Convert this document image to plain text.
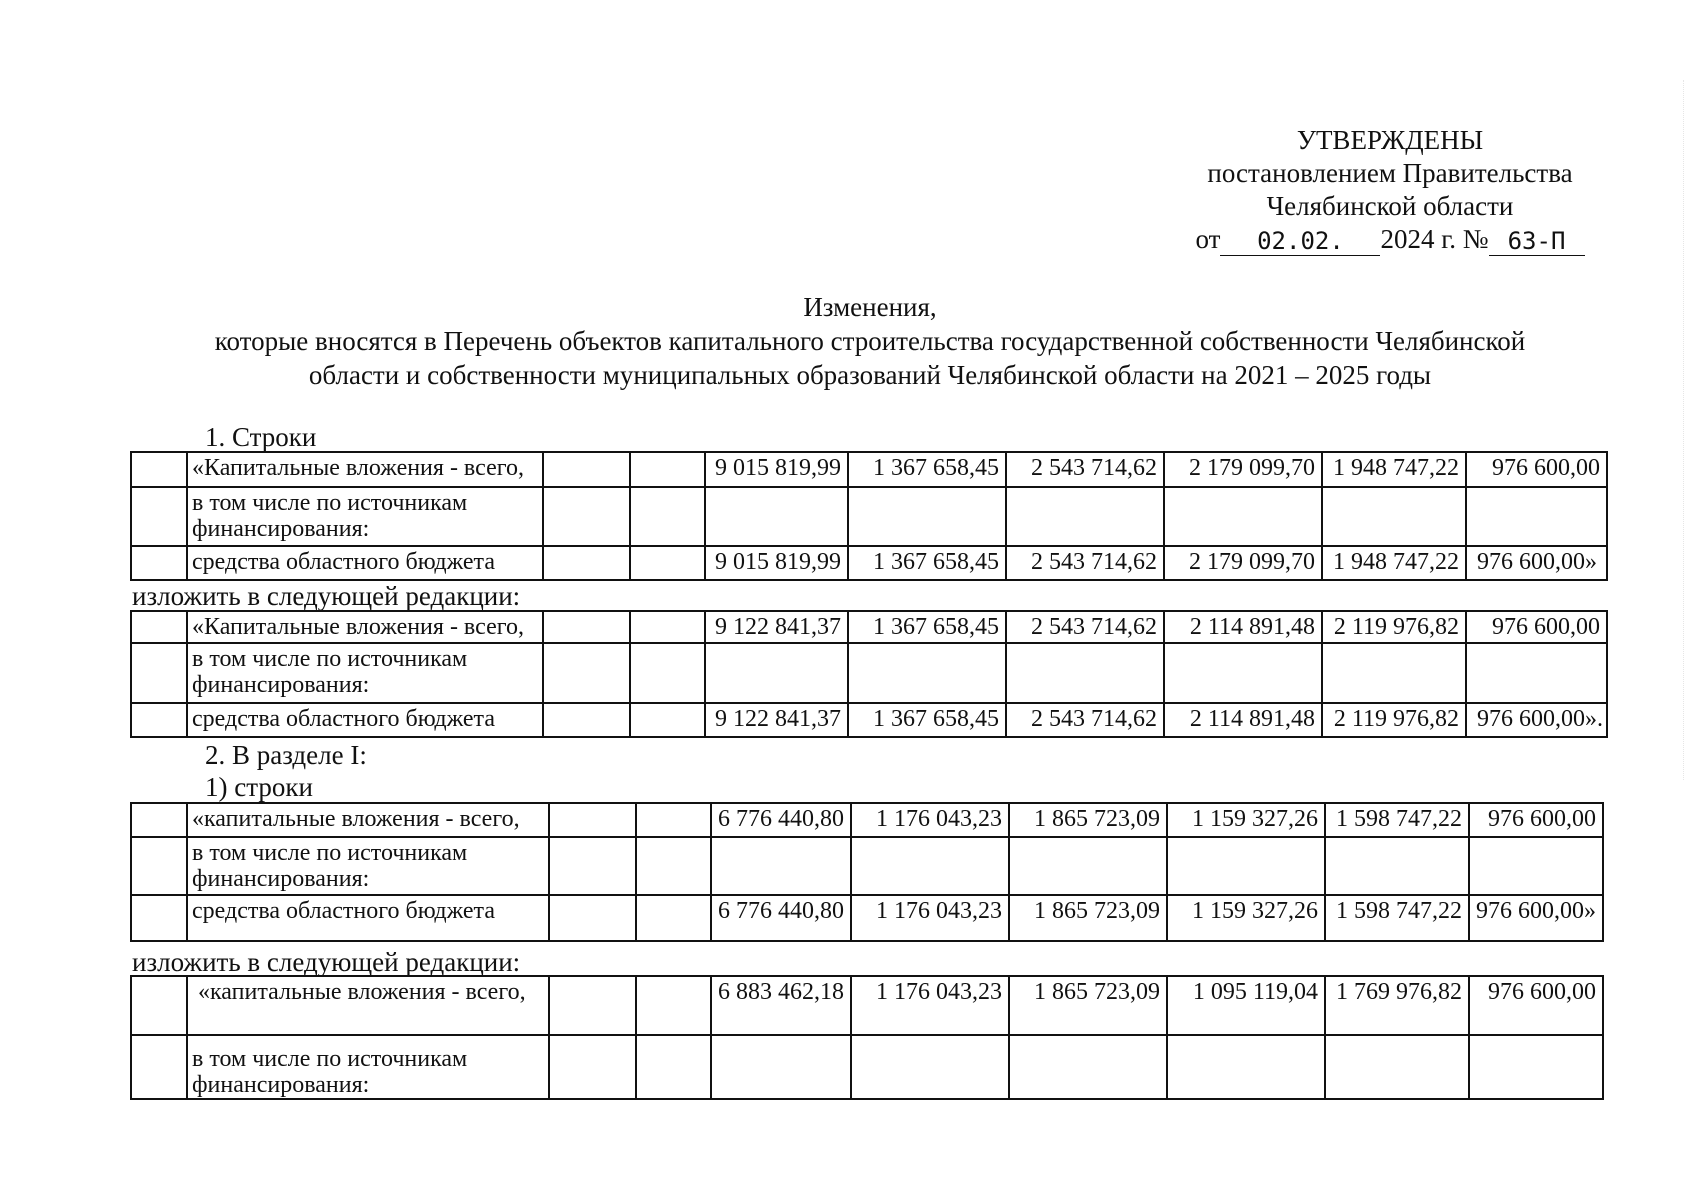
УТВЕРЖДЕНЫ
постановлением Правительства
Челябинской области
от	02.02.	2024 г. № 63-П
Изменения,
которые вносятся в Перечень объектов капитального строительства государственной собственности Челябинской
области и собственности муниципальных образований Челябинской области на 2021 – 2025 годы
1. Строки
	«Капитальные вложения - всего,			9 015 819,99	1 367 658,45	2 543 714,62	2 179 099,70	1 948 747,22	976 600,00
	в том числе по источникам финансирования:								
	средства областного бюджета			9 015 819,99	1 367 658,45	2 543 714,62	2 179 099,70	1 948 747,22	976 600,00»
изложить в следующей редакции:
	«Капитальные вложения - всего,			9 122 841,37	1 367 658,45	2 543 714,62	2 114 891,48	2 119 976,82	976 600,00
	в том числе по источникам финансирования:								
	средства областного бюджета			9 122 841,37	1 367 658,45	2 543 714,62	2 114 891,48	2 119 976,82	976 600,00».
2. В разделе I:
1) строки
	«капитальные вложения - всего,			6 776 440,80	1 176 043,23	1 865 723,09	1 159 327,26	1 598 747,22	976 600,00
	в том числе по источникам финансирования:								
	средства областного бюджета			6 776 440,80	1 176 043,23	1 865 723,09	1 159 327,26	1 598 747,22	976 600,00»
изложить в следующей редакции:
	«капитальные вложения - всего,			6 883 462,18	1 176 043,23	1 865 723,09	1 095 119,04	1 769 976,82	976 600,00
	в том числе по источникам финансирования:								
